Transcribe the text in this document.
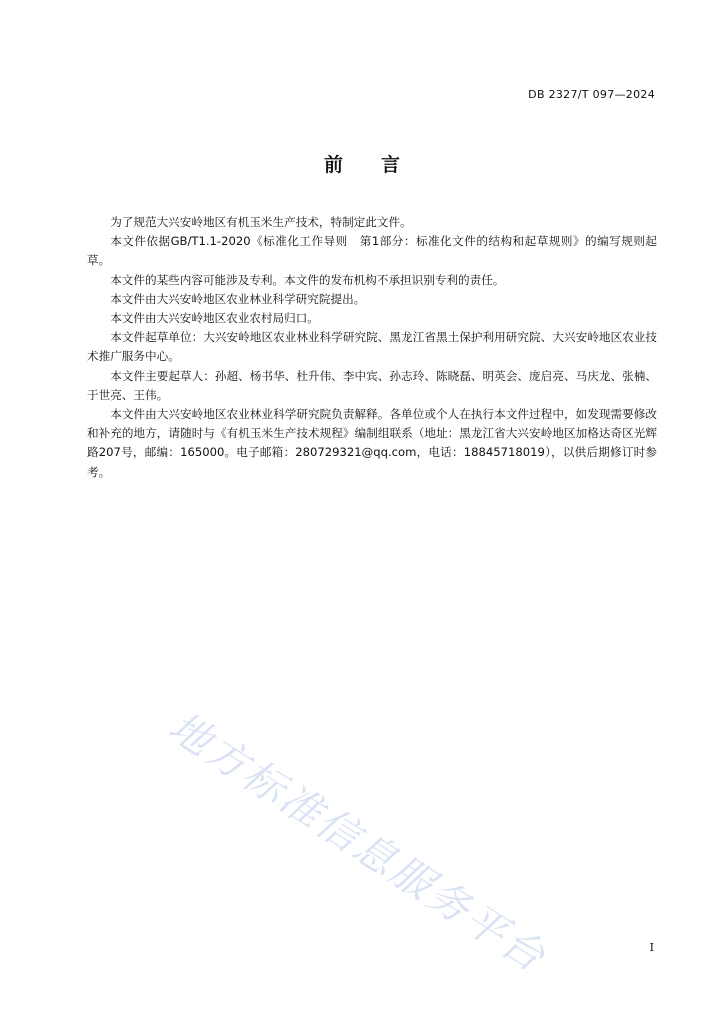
DB 2327/T 097—2024
前　　言

为了规范大兴安岭地区有机玉米生产技术，特制定此文件。

本文件依据GB/T1.1-2020《标准化工作导则　第1部分：标准化文件的结构和起草规则》的编写规则起草。

本文件的某些内容可能涉及专利。本文件的发布机构不承担识别专利的责任。

本文件由大兴安岭地区农业林业科学研究院提出。

本文件由大兴安岭地区农业农村局归口。

本文件起草单位：大兴安岭地区农业林业科学研究院、黑龙江省黑土保护利用研究院、大兴安岭地区农业技术推广服务中心。

本文件主要起草人：孙超、杨书华、杜升伟、李中宾、孙志玲、陈晓磊、明英会、庞启亮、马庆龙、张楠、于世亮、王伟。

本文件由大兴安岭地区农业林业科学研究院负责解释。各单位或个人在执行本文件过程中，如发现需要修改和补充的地方，请随时与《有机玉米生产技术规程》编制组联系（地址：黑龙江省大兴安岭地区加格达奇区光辉路207号，邮编：165000。电子邮箱：280729321@qq.com，电话：18845718019），以供后期修订时参考。

地方标准信息服务平台	I
